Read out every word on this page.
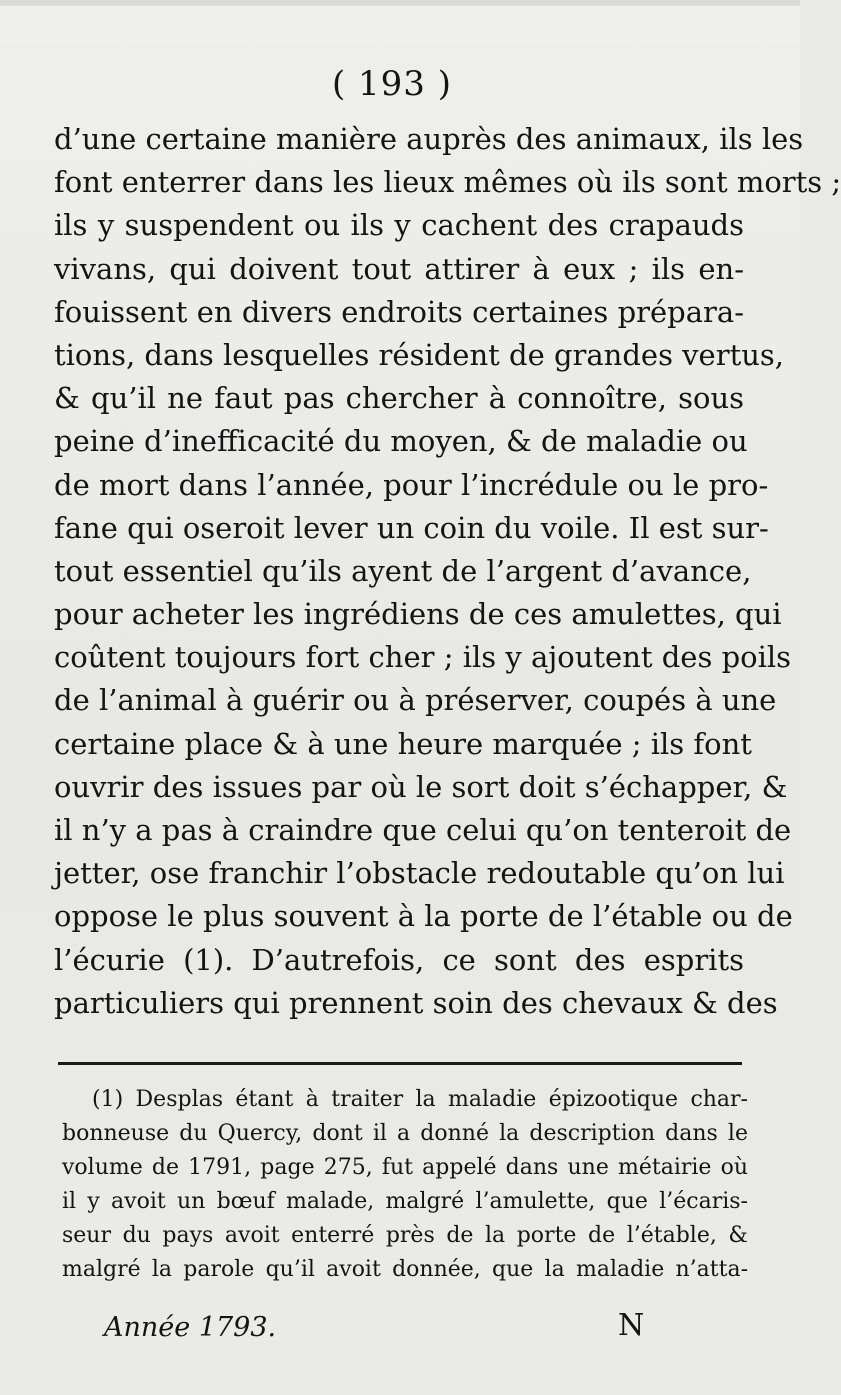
( 193 )
d’une certaine manière auprès des animaux, ils les
font enterrer dans les lieux mêmes où ils sont morts ;
ils y suspendent ou ils y cachent des crapauds
vivans, qui doivent tout attirer à eux ; ils en-
fouissent en divers endroits certaines prépara-
tions, dans lesquelles résident de grandes vertus,
& qu’il ne faut pas chercher à connoître, sous
peine d’inefficacité du moyen, & de maladie ou
de mort dans l’année, pour l’incrédule ou le pro-
fane qui oseroit lever un coin du voile. Il est sur-
tout essentiel qu’ils ayent de l’argent d’avance,
pour acheter les ingrédiens de ces amulettes, qui
coûtent toujours fort cher ; ils y ajoutent des poils
de l’animal à guérir ou à préserver, coupés à une
certaine place & à une heure marquée ; ils font
ouvrir des issues par où le sort doit s’échapper, &
il n’y a pas à craindre que celui qu’on tenteroit de
jetter, ose franchir l’obstacle redoutable qu’on lui
oppose le plus souvent à la porte de l’étable ou de
l’écurie (1). D’autrefois, ce sont des esprits
particuliers qui prennent soin des chevaux & des
(1) Desplas étant à traiter la maladie épizootique char-
bonneuse du Quercy, dont il a donné la description dans le
volume de 1791, page 275, fut appelé dans une métairie où
il y avoit un bœuf malade, malgré l’amulette, que l’écaris-
seur du pays avoit enterré près de la porte de l’étable, &
malgré la parole qu’il avoit donnée, que la maladie n’atta-
Année 1793.	N
